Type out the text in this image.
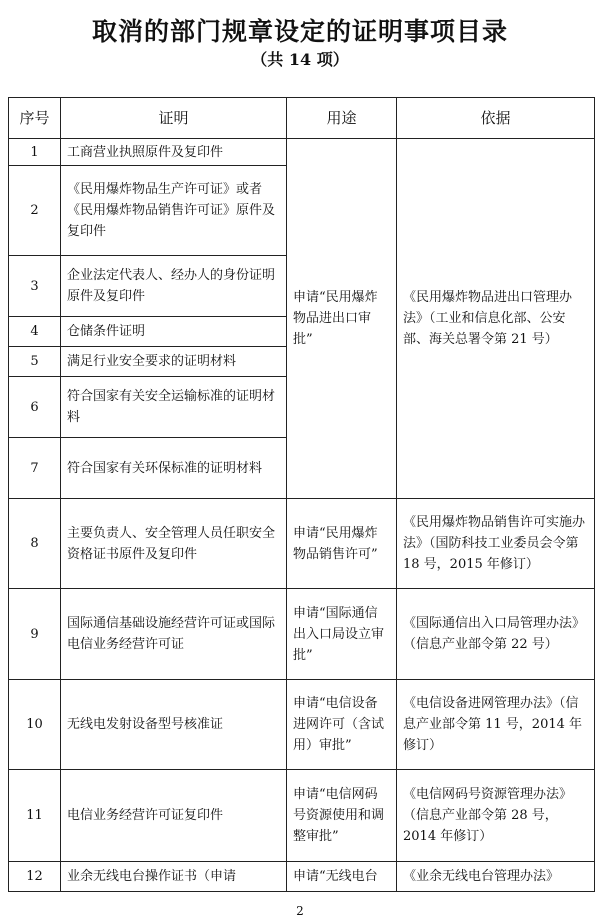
取消的部门规章设定的证明事项目录
（共 14 项）
序号	证明	用途	依据
1	工商营业执照原件及复印件	申请“民用爆炸物品进出口审批”	《民用爆炸物品进出口管理办法》（工业和信息化部、公安部、海关总署令第 21 号）
2	《民用爆炸物品生产许可证》或者《民用爆炸物品销售许可证》原件及复印件		
3	企业法定代表人、经办人的身份证明原件及复印件		
4	仓储条件证明		
5	满足行业安全要求的证明材料		
6	符合国家有关安全运输标准的证明材料		
7	符合国家有关环保标准的证明材料		
8	主要负责人、安全管理人员任职安全资格证书原件及复印件	申请“民用爆炸物品销售许可”	《民用爆炸物品销售许可实施办法》（国防科技工业委员会令第 18 号，2015 年修订）
9	国际通信基础设施经营许可证或国际电信业务经营许可证	申请“国际通信出入口局设立审批”	《国际通信出入口局管理办法》（信息产业部令第 22 号）
10	无线电发射设备型号核准证	申请“电信设备进网许可（含试用）审批”	《电信设备进网管理办法》（信息产业部令第 11 号，2014 年修订）
11	电信业务经营许可证复印件	申请“电信网码号资源使用和调整审批”	《电信网码号资源管理办法》（信息产业部令第 28 号，2014 年修订）
12	业余无线电台操作证书（申请	申请“无线电台	《业余无线电台管理办法》
2
